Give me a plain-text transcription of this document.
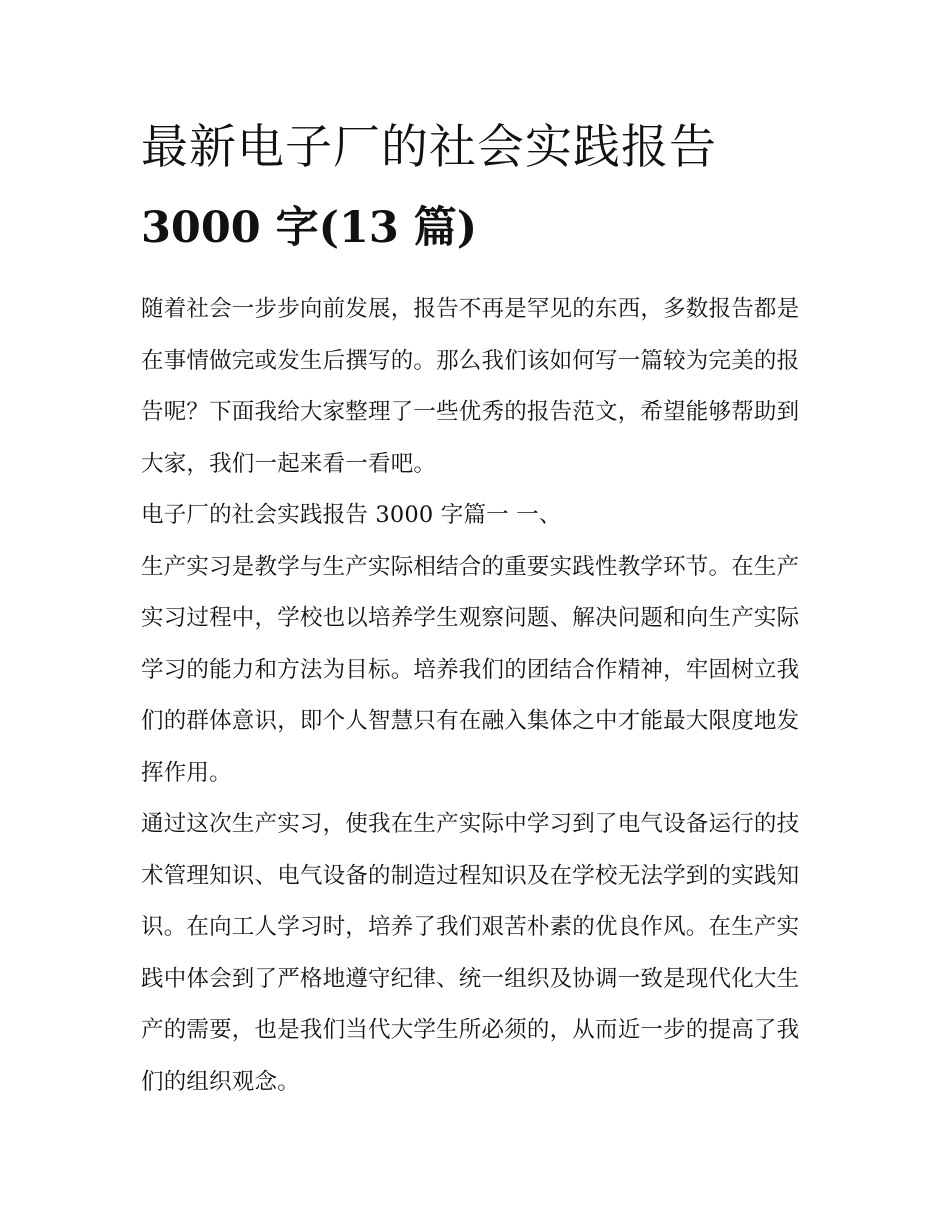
最新电子厂的社会实践报告
3000 字(13 篇)

随着社会一步步向前发展，报告不再是罕见的东西，多数报告都是在事情做完或发生后撰写的。那么我们该如何写一篇较为完美的报告呢？下面我给大家整理了一些优秀的报告范文，希望能够帮助到大家，我们一起来看一看吧。

电子厂的社会实践报告 3000 字篇一 一、

生产实习是教学与生产实际相结合的重要实践性教学环节。在生产实习过程中，学校也以培养学生观察问题、解决问题和向生产实际学习的能力和方法为目标。培养我们的团结合作精神，牢固树立我们的群体意识，即个人智慧只有在融入集体之中才能最大限度地发挥作用。

通过这次生产实习，使我在生产实际中学习到了电气设备运行的技术管理知识、电气设备的制造过程知识及在学校无法学到的实践知识。在向工人学习时，培养了我们艰苦朴素的优良作风。在生产实践中体会到了严格地遵守纪律、统一组织及协调一致是现代化大生产的需要，也是我们当代大学生所必须的，从而近一步的提高了我们的组织观念。
